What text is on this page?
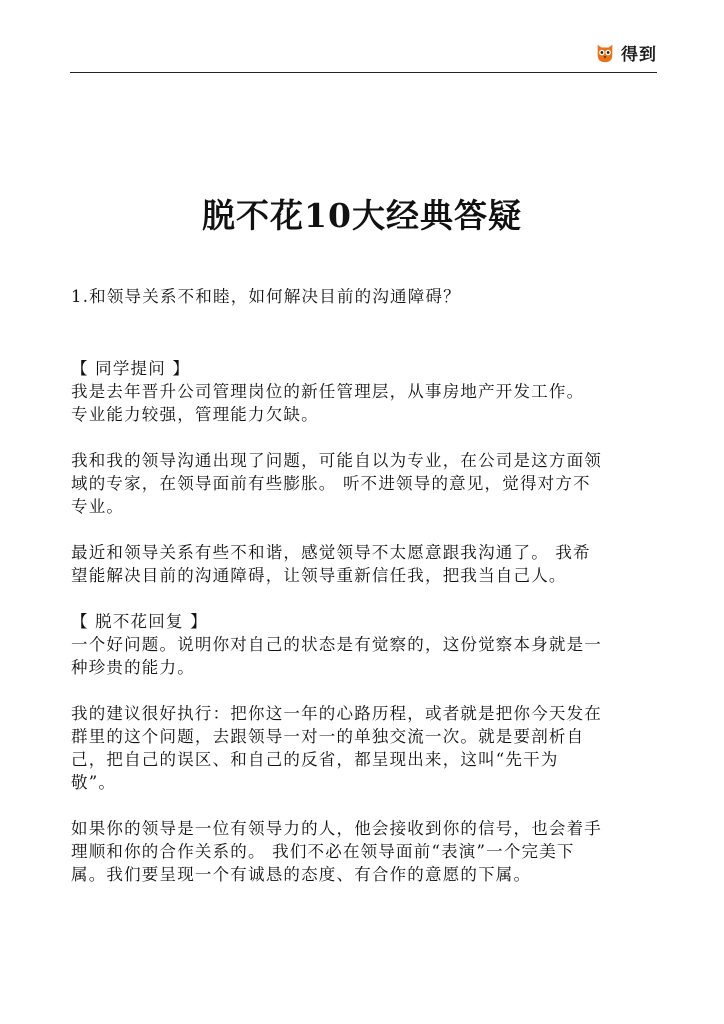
得到
脱不花10大经典答疑

1.和领导关系不和睦，如何解决目前的沟通障碍？

【 同学提问 】

我是去年晋升公司管理岗位的新任管理层，从事房地产开发工作。
专业能力较强，管理能力欠缺。

我和我的领导沟通出现了问题，可能自以为专业，在公司是这方面领
域的专家，在领导面前有些膨胀。 听不进领导的意见，觉得对方不
专业。

最近和领导关系有些不和谐，感觉领导不太愿意跟我沟通了。 我希
望能解决目前的沟通障碍，让领导重新信任我，把我当自己人。

【 脱不花回复 】

一个好问题。说明你对自己的状态是有觉察的，这份觉察本身就是一
种珍贵的能力。

我的建议很好执行：把你这一年的心路历程，或者就是把你今天发在
群里的这个问题，去跟领导一对一的单独交流一次。就是要剖析自
己，把自己的误区、和自己的反省，都呈现出来，这叫“先干为
敬”。

如果你的领导是一位有领导力的人，他会接收到你的信号，也会着手
理顺和你的合作关系的。 我们不必在领导面前“表演”一个完美下
属。我们要呈现一个有诚恳的态度、有合作的意愿的下属。
